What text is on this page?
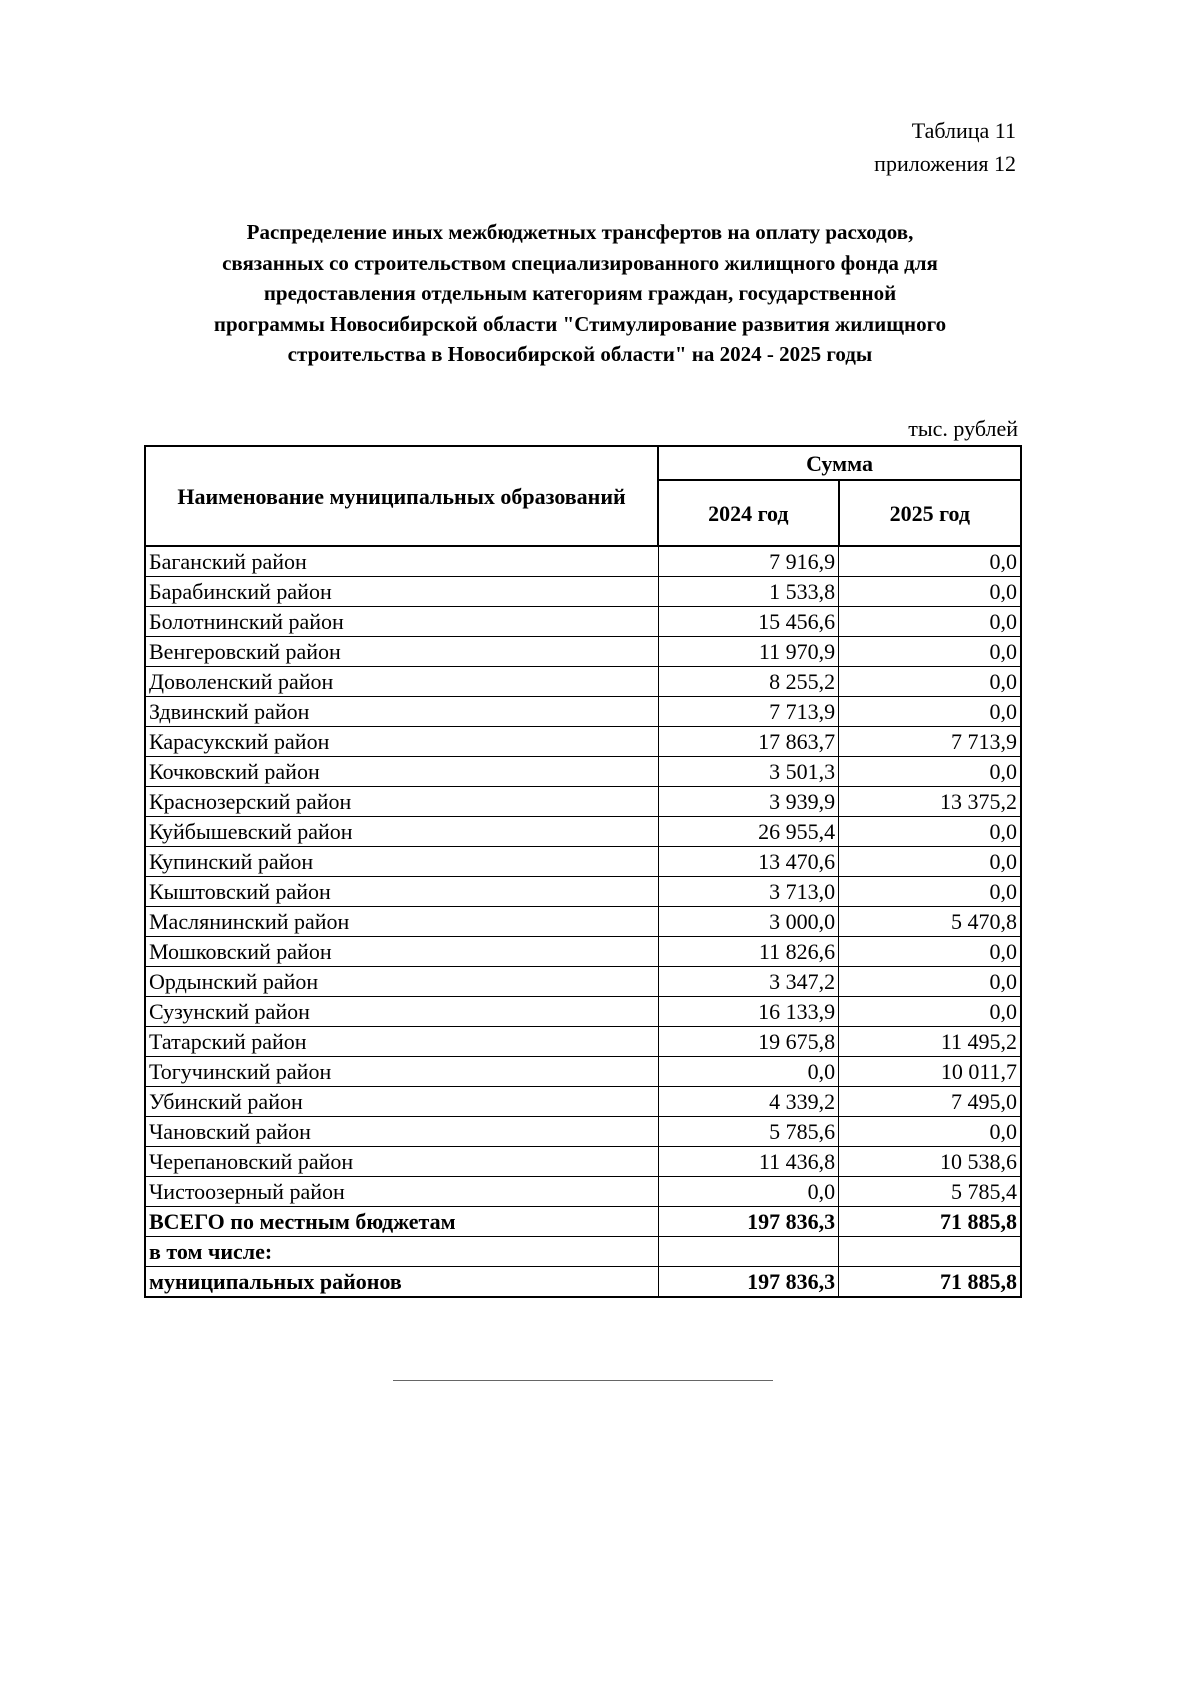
Таблица 11
приложения 12
Распределение иных межбюджетных трансфертов на оплату расходов,
связанных со строительством специализированного жилищного фонда для
предоставления отдельным категориям граждан, государственной
программы Новосибирской области "Стимулирование развития жилищного
строительства в Новосибирской области" на 2024 - 2025 годы
тыс. рублей
Наименование муниципальных образований	Сумма	
	2024 год	2025 год
Баганский район	7 916,9	0,0
Барабинский район	1 533,8	0,0
Болотнинский район	15 456,6	0,0
Венгеровский район	11 970,9	0,0
Доволенский район	8 255,2	0,0
Здвинский район	7 713,9	0,0
Карасукский район	17 863,7	7 713,9
Кочковский район	3 501,3	0,0
Краснозерский район	3 939,9	13 375,2
Куйбышевский район	26 955,4	0,0
Купинский район	13 470,6	0,0
Кыштовский район	3 713,0	0,0
Маслянинский район	3 000,0	5 470,8
Мошковский район	11 826,6	0,0
Ордынский район	3 347,2	0,0
Сузунский район	16 133,9	0,0
Татарский район	19 675,8	11 495,2
Тогучинский район	0,0	10 011,7
Убинский район	4 339,2	7 495,0
Чановский район	5 785,6	0,0
Черепановский район	11 436,8	10 538,6
Чистоозерный район	0,0	5 785,4
ВСЕГО по местным бюджетам	197 836,3	71 885,8
в том числе:		
муниципальных районов	197 836,3	71 885,8
